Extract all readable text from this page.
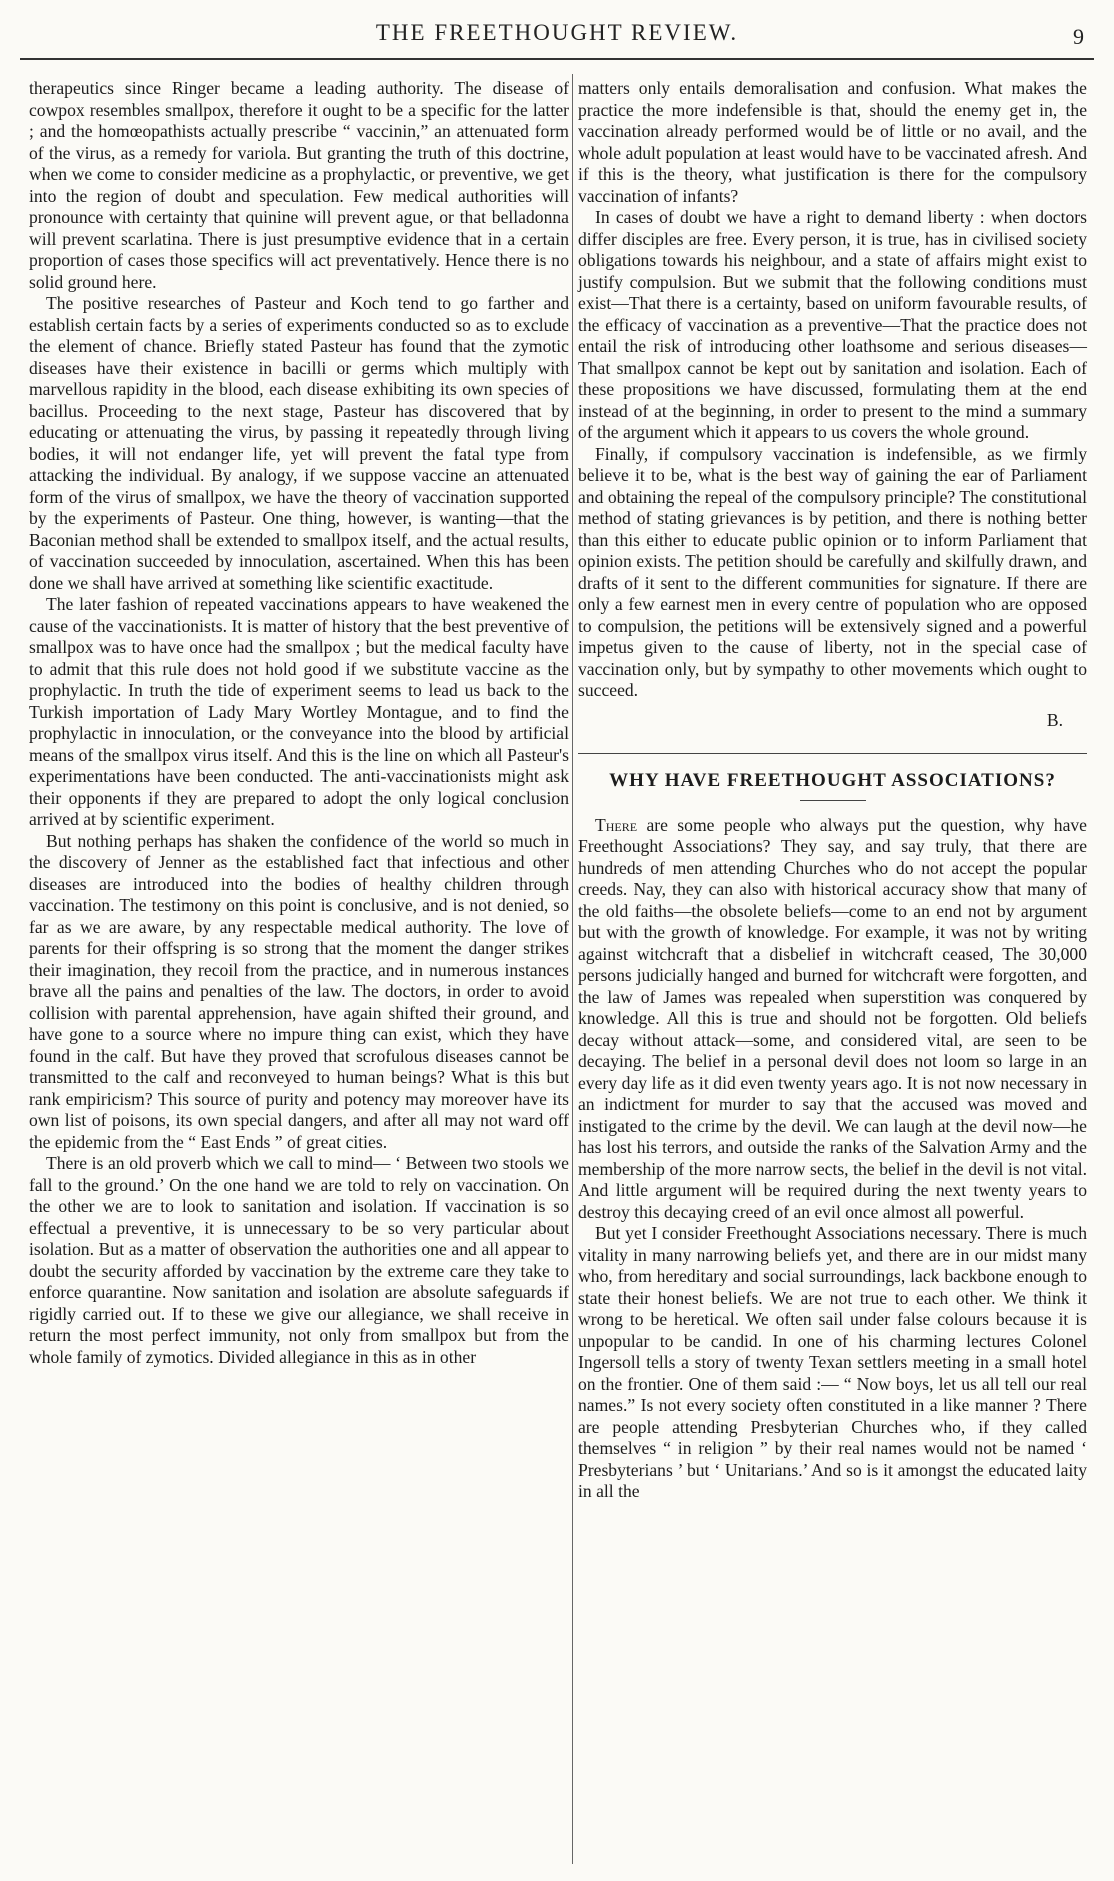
THE FREETHOUGHT REVIEW.	9

therapeutics since Ringer became a leading authority. The disease of cowpox resembles smallpox, therefore it ought to be a specific for the latter ; and the homœopathists actually prescribe “ vaccinin,” an attenuated form of the virus, as a remedy for variola. But granting the truth of this doctrine, when we come to consider medicine as a prophylactic, or preventive, we get into the region of doubt and speculation. Few medical authorities will pronounce with certainty that quinine will prevent ague, or that belladonna will prevent scarlatina. There is just presumptive evidence that in a certain proportion of cases those specifics will act preventatively. Hence there is no solid ground here.

The positive researches of Pasteur and Koch tend to go farther and establish certain facts by a series of experiments conducted so as to exclude the element of chance. Briefly stated Pasteur has found that the zymotic diseases have their existence in bacilli or germs which multiply with marvellous rapidity in the blood, each disease exhibiting its own species of bacillus. Proceeding to the next stage, Pasteur has discovered that by educating or attenuating the virus, by passing it repeatedly through living bodies, it will not endanger life, yet will prevent the fatal type from attacking the individual. By analogy, if we suppose vaccine an attenuated form of the virus of smallpox, we have the theory of vaccination supported by the experiments of Pasteur. One thing, however, is wanting—that the Baconian method shall be extended to smallpox itself, and the actual results, of vaccination succeeded by innoculation, ascertained. When this has been done we shall have arrived at something like scientific exactitude.

The later fashion of repeated vaccinations appears to have weakened the cause of the vaccinationists. It is matter of history that the best preventive of smallpox was to have once had the smallpox ; but the medical faculty have to admit that this rule does not hold good if we substitute vaccine as the prophylactic. In truth the tide of experiment seems to lead us back to the Turkish importation of Lady Mary Wortley Montague, and to find the prophylactic in innoculation, or the conveyance into the blood by artificial means of the smallpox virus itself. And this is the line on which all Pasteur's experimentations have been conducted. The anti-vaccinationists might ask their opponents if they are prepared to adopt the only logical conclusion arrived at by scientific experiment.

But nothing perhaps has shaken the confidence of the world so much in the discovery of Jenner as the established fact that infectious and other diseases are introduced into the bodies of healthy children through vaccination. The testimony on this point is conclusive, and is not denied, so far as we are aware, by any respectable medical authority. The love of parents for their offspring is so strong that the moment the danger strikes their imagination, they recoil from the practice, and in numerous instances brave all the pains and penalties of the law. The doctors, in order to avoid collision with parental apprehension, have again shifted their ground, and have gone to a source where no impure thing can exist, which they have found in the calf. But have they proved that scrofulous diseases cannot be transmitted to the calf and reconveyed to human beings? What is this but rank empiricism? This source of purity and potency may moreover have its own list of poisons, its own special dangers, and after all may not ward off the epidemic from the “ East Ends ” of great cities.

There is an old proverb which we call to mind— ‘ Between two stools we fall to the ground.’ On the one hand we are told to rely on vaccination. On the other we are to look to sanitation and isolation. If vaccination is so effectual a preventive, it is unnecessary to be so very particular about isolation. But as a matter of observation the authorities one and all appear to doubt the security afforded by vaccination by the extreme care they take to enforce quarantine. Now sanitation and isolation are absolute safeguards if rigidly carried out. If to these we give our allegiance, we shall receive in return the most perfect immunity, not only from smallpox but from the whole family of zymotics. Divided allegiance in this as in other

matters only entails demoralisation and confusion. What makes the practice the more indefensible is that, should the enemy get in, the vaccination already performed would be of little or no avail, and the whole adult population at least would have to be vaccinated afresh. And if this is the theory, what justification is there for the compulsory vaccination of infants?

In cases of doubt we have a right to demand liberty : when doctors differ disciples are free. Every person, it is true, has in civilised society obligations towards his neighbour, and a state of affairs might exist to justify compulsion. But we submit that the following conditions must exist—That there is a certainty, based on uniform favourable results, of the efficacy of vaccination as a preventive—That the practice does not entail the risk of introducing other loathsome and serious diseases—That smallpox cannot be kept out by sanitation and isolation. Each of these propositions we have discussed, formulating them at the end instead of at the beginning, in order to present to the mind a summary of the argument which it appears to us covers the whole ground.

Finally, if compulsory vaccination is indefensible, as we firmly believe it to be, what is the best way of gaining the ear of Parliament and obtaining the repeal of the compulsory principle? The constitutional method of stating grievances is by petition, and there is nothing better than this either to educate public opinion or to inform Parliament that opinion exists. The petition should be carefully and skilfully drawn, and drafts of it sent to the different communities for signature. If there are only a few earnest men in every centre of population who are opposed to compulsion, the petitions will be extensively signed and a powerful impetus given to the cause of liberty, not in the special case of vaccination only, but by sympathy to other movements which ought to succeed.

B.
WHY HAVE FREETHOUGHT ASSOCIATIONS?

There are some people who always put the question, why have Freethought Associations? They say, and say truly, that there are hundreds of men attending Churches who do not accept the popular creeds. Nay, they can also with historical accuracy show that many of the old faiths—the obsolete beliefs—come to an end not by argument but with the growth of knowledge. For example, it was not by writing against witchcraft that a disbelief in witchcraft ceased, The 30,000 persons judicially hanged and burned for witchcraft were forgotten, and the law of James was repealed when superstition was conquered by knowledge. All this is true and should not be forgotten. Old beliefs decay without attack—some, and considered vital, are seen to be decaying. The belief in a personal devil does not loom so large in an every day life as it did even twenty years ago. It is not now necessary in an indictment for murder to say that the accused was moved and instigated to the crime by the devil. We can laugh at the devil now—he has lost his terrors, and outside the ranks of the Salvation Army and the membership of the more narrow sects, the belief in the devil is not vital. And little argument will be required during the next twenty years to destroy this decaying creed of an evil once almost all powerful.

But yet I consider Freethought Associations necessary. There is much vitality in many narrowing beliefs yet, and there are in our midst many who, from hereditary and social surroundings, lack backbone enough to state their honest beliefs. We are not true to each other. We think it wrong to be heretical. We often sail under false colours because it is unpopular to be candid. In one of his charming lectures Colonel Ingersoll tells a story of twenty Texan settlers meeting in a small hotel on the frontier. One of them said :— “ Now boys, let us all tell our real names.” Is not every society often constituted in a like manner ? There are people attending Presbyterian Churches who, if they called themselves “ in religion ” by their real names would not be named ‘ Presbyterians ’ but ‘ Unitarians.’ And so is it amongst the educated laity in all the
